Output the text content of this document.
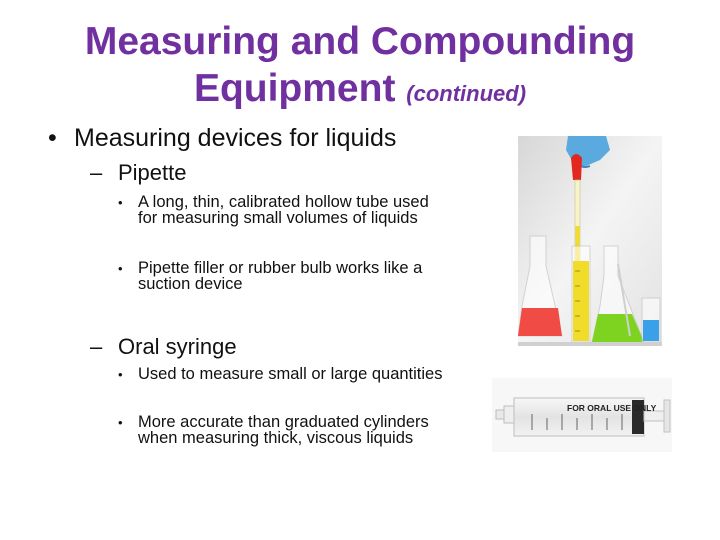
Measuring and Compounding
Equipment (continued)
• Measuring devices for liquids
– Pipette
• A long, thin, calibrated hollow tube used for measuring small volumes of liquids
• Pipette filler or rubber bulb works like a suction device
– Oral syringe
• Used to measure small or large quantities
• More accurate than graduated cylinders when measuring thick, viscous liquids
FOR ORAL USE ONLY
